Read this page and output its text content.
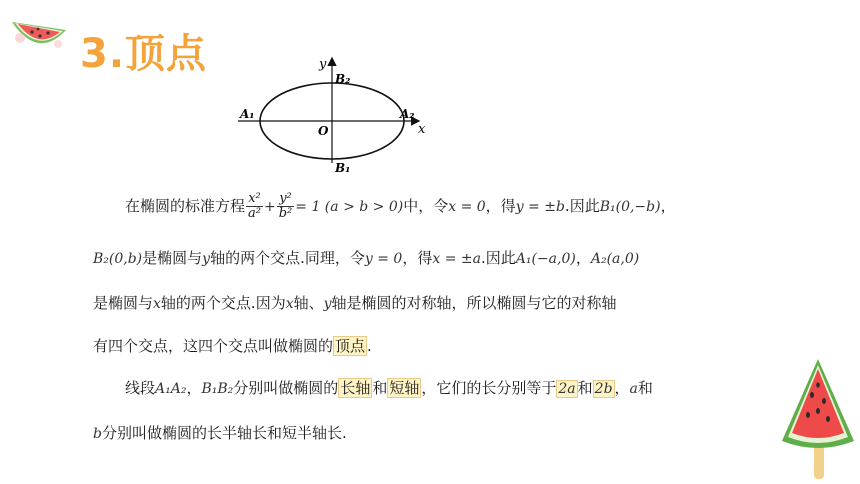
3.顶点	y
B₂
A₁	A₂
x
O
B₁
在椭圆的标准方程 $\frac{\text{x²}}{\text{a²}} + \frac{\text{y²}}{\text{b²}} = 1$ (a > b > 0)中，令x = 0，得y = ±b.因此B₁(0,−b)，
B₂(0,b)是椭圆与y轴的两个交点.同理，令y = 0，得x = ±a.因此A₁(−a,0)，A₂(a,0)
是椭圆与x轴的两个交点.因为x轴、y轴是椭圆的对称轴，所以椭圆与它的对称轴
有四个交点，这四个交点叫做椭圆的 顶点 .
线段A₁A₂，B₁B₂分别叫做椭圆的 长轴 和 短轴 ，它们的长分别等于 2a 和 2b ，a和
b分别叫做椭圆的长半轴长和短半轴长.
